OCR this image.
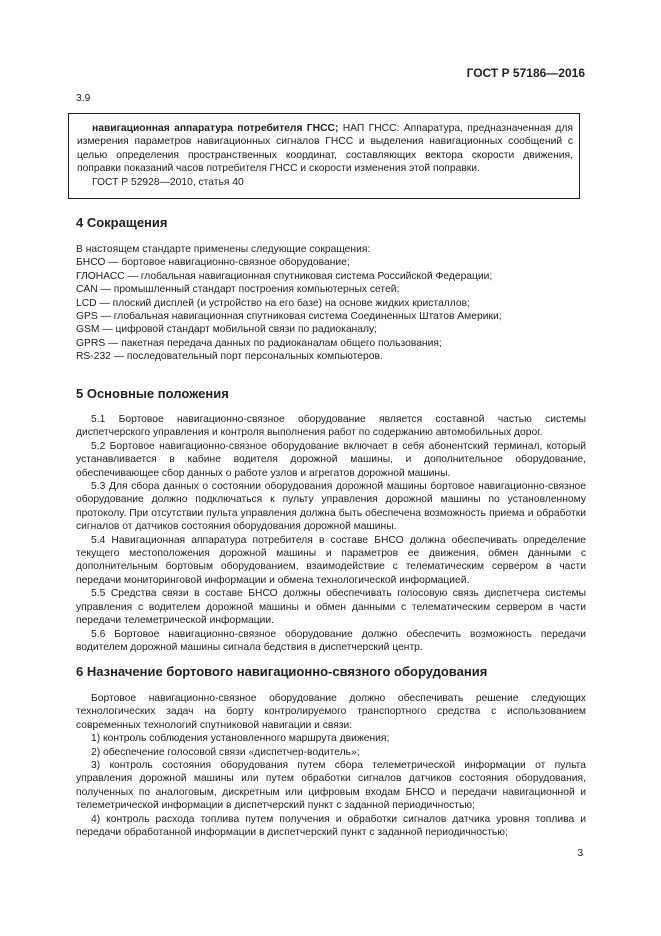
ГОСТ Р 57186—2016
3.9

навигационная аппаратура потребителя ГНСС; НАП ГНСС: Аппаратура, предназначенная для измерения параметров навигационных сигналов ГНСС и выделения навигационных сообщений с целью определения пространственных координат, составляющих вектора скорости движения, поправки показаний часов потребителя ГНСС и скорости изменения этой поправки.

ГОСТ Р 52928—2010, статья 40

4 Сокращения

В настоящем стандарте применены следующие сокращения:

БНСО — бортовое навигационно-связное оборудование;

ГЛОНАСС — глобальная навигационная спутниковая система Российской Федерации;

CAN — промышленный стандарт построения компьютерных сетей;

LCD — плоский дисплей (и устройство на его базе) на основе жидких кристаллов;

GPS — глобальная навигационная спутниковая система Соединенных Штатов Америки;

GSM — цифровой стандарт мобильной связи по радиоканалу;

GPRS — пакетная передача данных по радиоканалам общего пользования;

RS-232 — последовательный порт персональных компьютеров.

5 Основные положения

5.1 Бортовое навигационно-связное оборудование является составной частью системы диспетчерского управления и контроля выполнения работ по содержанию автомобильных дорог.

5.2 Бортовое навигационно-связное оборудование включает в себя абонентский терминал, который устанавливается в кабине водителя дорожной машины, и дополнительное оборудование, обеспечивающее сбор данных о работе узлов и агрегатов дорожной машины.

5.3 Для сбора данных о состоянии оборудования дорожной машины бортовое навигационно-связное оборудование должно подключаться к пульту управления дорожной машины по установленному протоколу. При отсутствии пульта управления должна быть обеспечена возможность приема и обработки сигналов от датчиков состояния оборудования дорожной машины.

5.4 Навигационная аппаратура потребителя в составе БНСО должна обеспечивать определение текущего местоположения дорожной машины и параметров ее движения, обмен данными с дополнительным бортовым оборудованием, взаимодействие с телематическим сервером в части передачи мониторинговой информации и обмена технологической информацией.

5.5 Средства связи в составе БНСО должны обеспечивать голосовую связь диспетчера системы управления с водителем дорожной машины и обмен данными с телематическим сервером в части передачи телеметрической информации.

5.6 Бортовое навигационно-связное оборудование должно обеспечить возможность передачи водителем дорожной машины сигнала бедствия в диспетчерский центр.

6 Назначение бортового навигационно-связного оборудования

Бортовое навигационно-связное оборудование должно обеспечивать решение следующих технологических задач на борту контролируемого транспортного средства с использованием современных технологий спутниковой навигации и связи:

1) контроль соблюдения установленного маршрута движения;

2) обеспечение голосовой связи «диспетчер-водитель»;

3) контроль состояния оборудования путем сбора телеметрической информации от пульта управления дорожной машины или путем обработки сигналов датчиков состояния оборудования, полученных по аналоговым, дискретным или цифровым входам БНСО и передачи навигационной и телеметрической информации в диспетчерский пункт с заданной периодичностью;

4) контроль расхода топлива путем получения и обработки сигналов датчика уровня топлива и передачи обработанной информации в диспетчерский пункт с заданной периодичностью;

3
